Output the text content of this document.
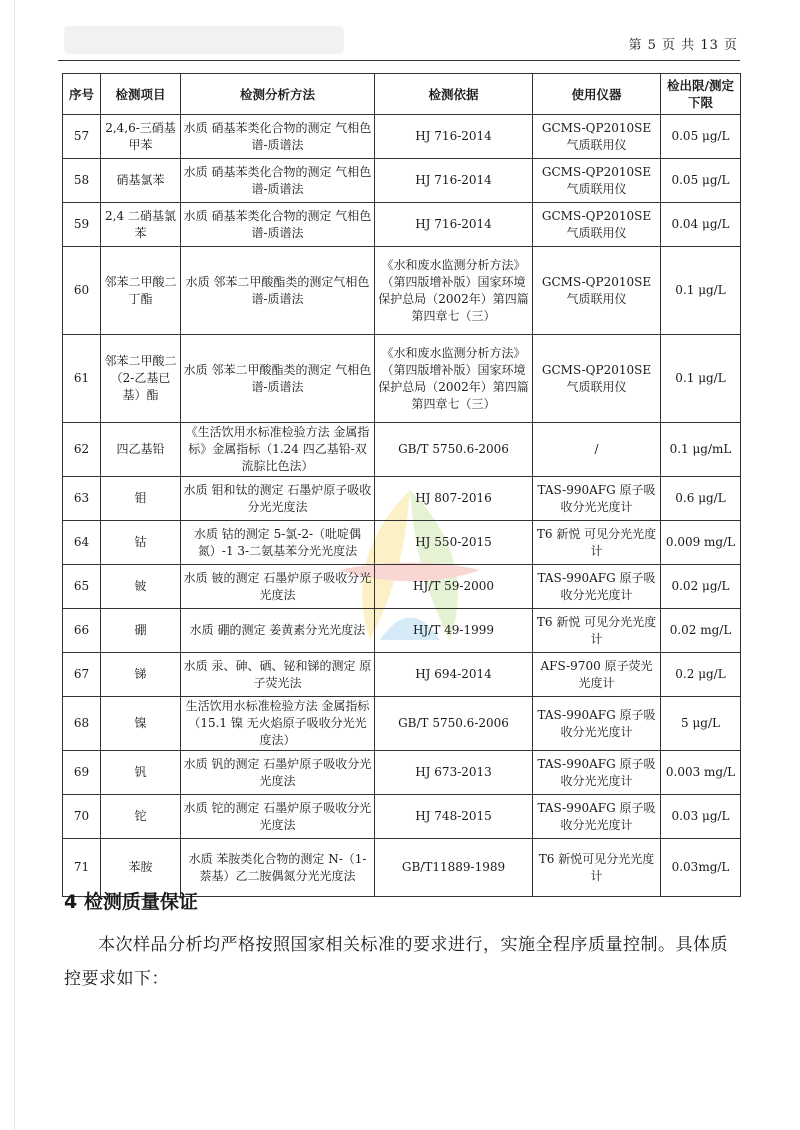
第 5 页 共 13 页
序号	检测项目	检测分析方法	检测依据	使用仪器	检出限/测定下限
57	2,4,6-三硝基甲苯	水质 硝基苯类化合物的测定 气相色谱-质谱法	HJ 716-2014	GCMS-QP2010SE 气质联用仪	0.05 μg/L
58	硝基氯苯	水质 硝基苯类化合物的测定 气相色谱-质谱法	HJ 716-2014	GCMS-QP2010SE 气质联用仪	0.05 μg/L
59	2,4 二硝基氯苯	水质 硝基苯类化合物的测定 气相色谱-质谱法	HJ 716-2014	GCMS-QP2010SE 气质联用仪	0.04 μg/L
60	邻苯二甲酸二丁酯	水质 邻苯二甲酸酯类的测定气相色谱-质谱法	《水和废水监测分析方法》（第四版增补版）国家环境保护总局（2002年）第四篇第四章七（三）	GCMS-QP2010SE 气质联用仪	0.1 μg/L
61	邻苯二甲酸二（2-乙基已基）酯	水质 邻苯二甲酸酯类的测定 气相色谱-质谱法	《水和废水监测分析方法》（第四版增补版）国家环境保护总局（2002年）第四篇第四章七（三）	GCMS-QP2010SE 气质联用仪	0.1 μg/L
62	四乙基铅	《生活饮用水标准检验方法 金属指标》金属指标（1.24 四乙基铅-双流腙比色法）	GB/T 5750.6-2006	/	0.1 μg/mL
63	钼	水质 钼和钛的测定 石墨炉原子吸收分光光度法	HJ 807-2016	TAS-990AFG 原子吸收分光光度计	0.6 μg/L
64	钴	水质 钴的测定 5-氯-2-（吡啶偶氮）-1 3-二氨基苯分光光度法	HJ 550-2015	T6 新悦 可见分光光度计	0.009 mg/L
65	铍	水质 铍的测定 石墨炉原子吸收分光光度法	HJ/T 59-2000	TAS-990AFG 原子吸收分光光度计	0.02 μg/L
66	硼	水质 硼的测定 姜黄素分光光度法	HJ/T 49-1999	T6 新悦 可见分光光度计	0.02 mg/L
67	锑	水质 汞、砷、硒、铋和锑的测定 原子荧光法	HJ 694-2014	AFS-9700 原子荧光光度计	0.2 μg/L
68	镍	生活饮用水标准检验方法 金属指标（15.1 镍 无火焰原子吸收分光光度法）	GB/T 5750.6-2006	TAS-990AFG 原子吸收分光光度计	5 μg/L
69	钒	水质 钒的测定 石墨炉原子吸收分光光度法	HJ 673-2013	TAS-990AFG 原子吸收分光光度计	0.003 mg/L
70	铊	水质 铊的测定 石墨炉原子吸收分光光度法	HJ 748-2015	TAS-990AFG 原子吸收分光光度计	0.03 μg/L
71	苯胺	水质 苯胺类化合物的测定 N-（1-萘基）乙二胺偶氮分光光度法	GB/T11889-1989	T6 新悦可见分光光度计	0.03mg/L
4 检测质量保证
本次样品分析均严格按照国家相关标准的要求进行，实施全程序质量控制。具体质控要求如下：
